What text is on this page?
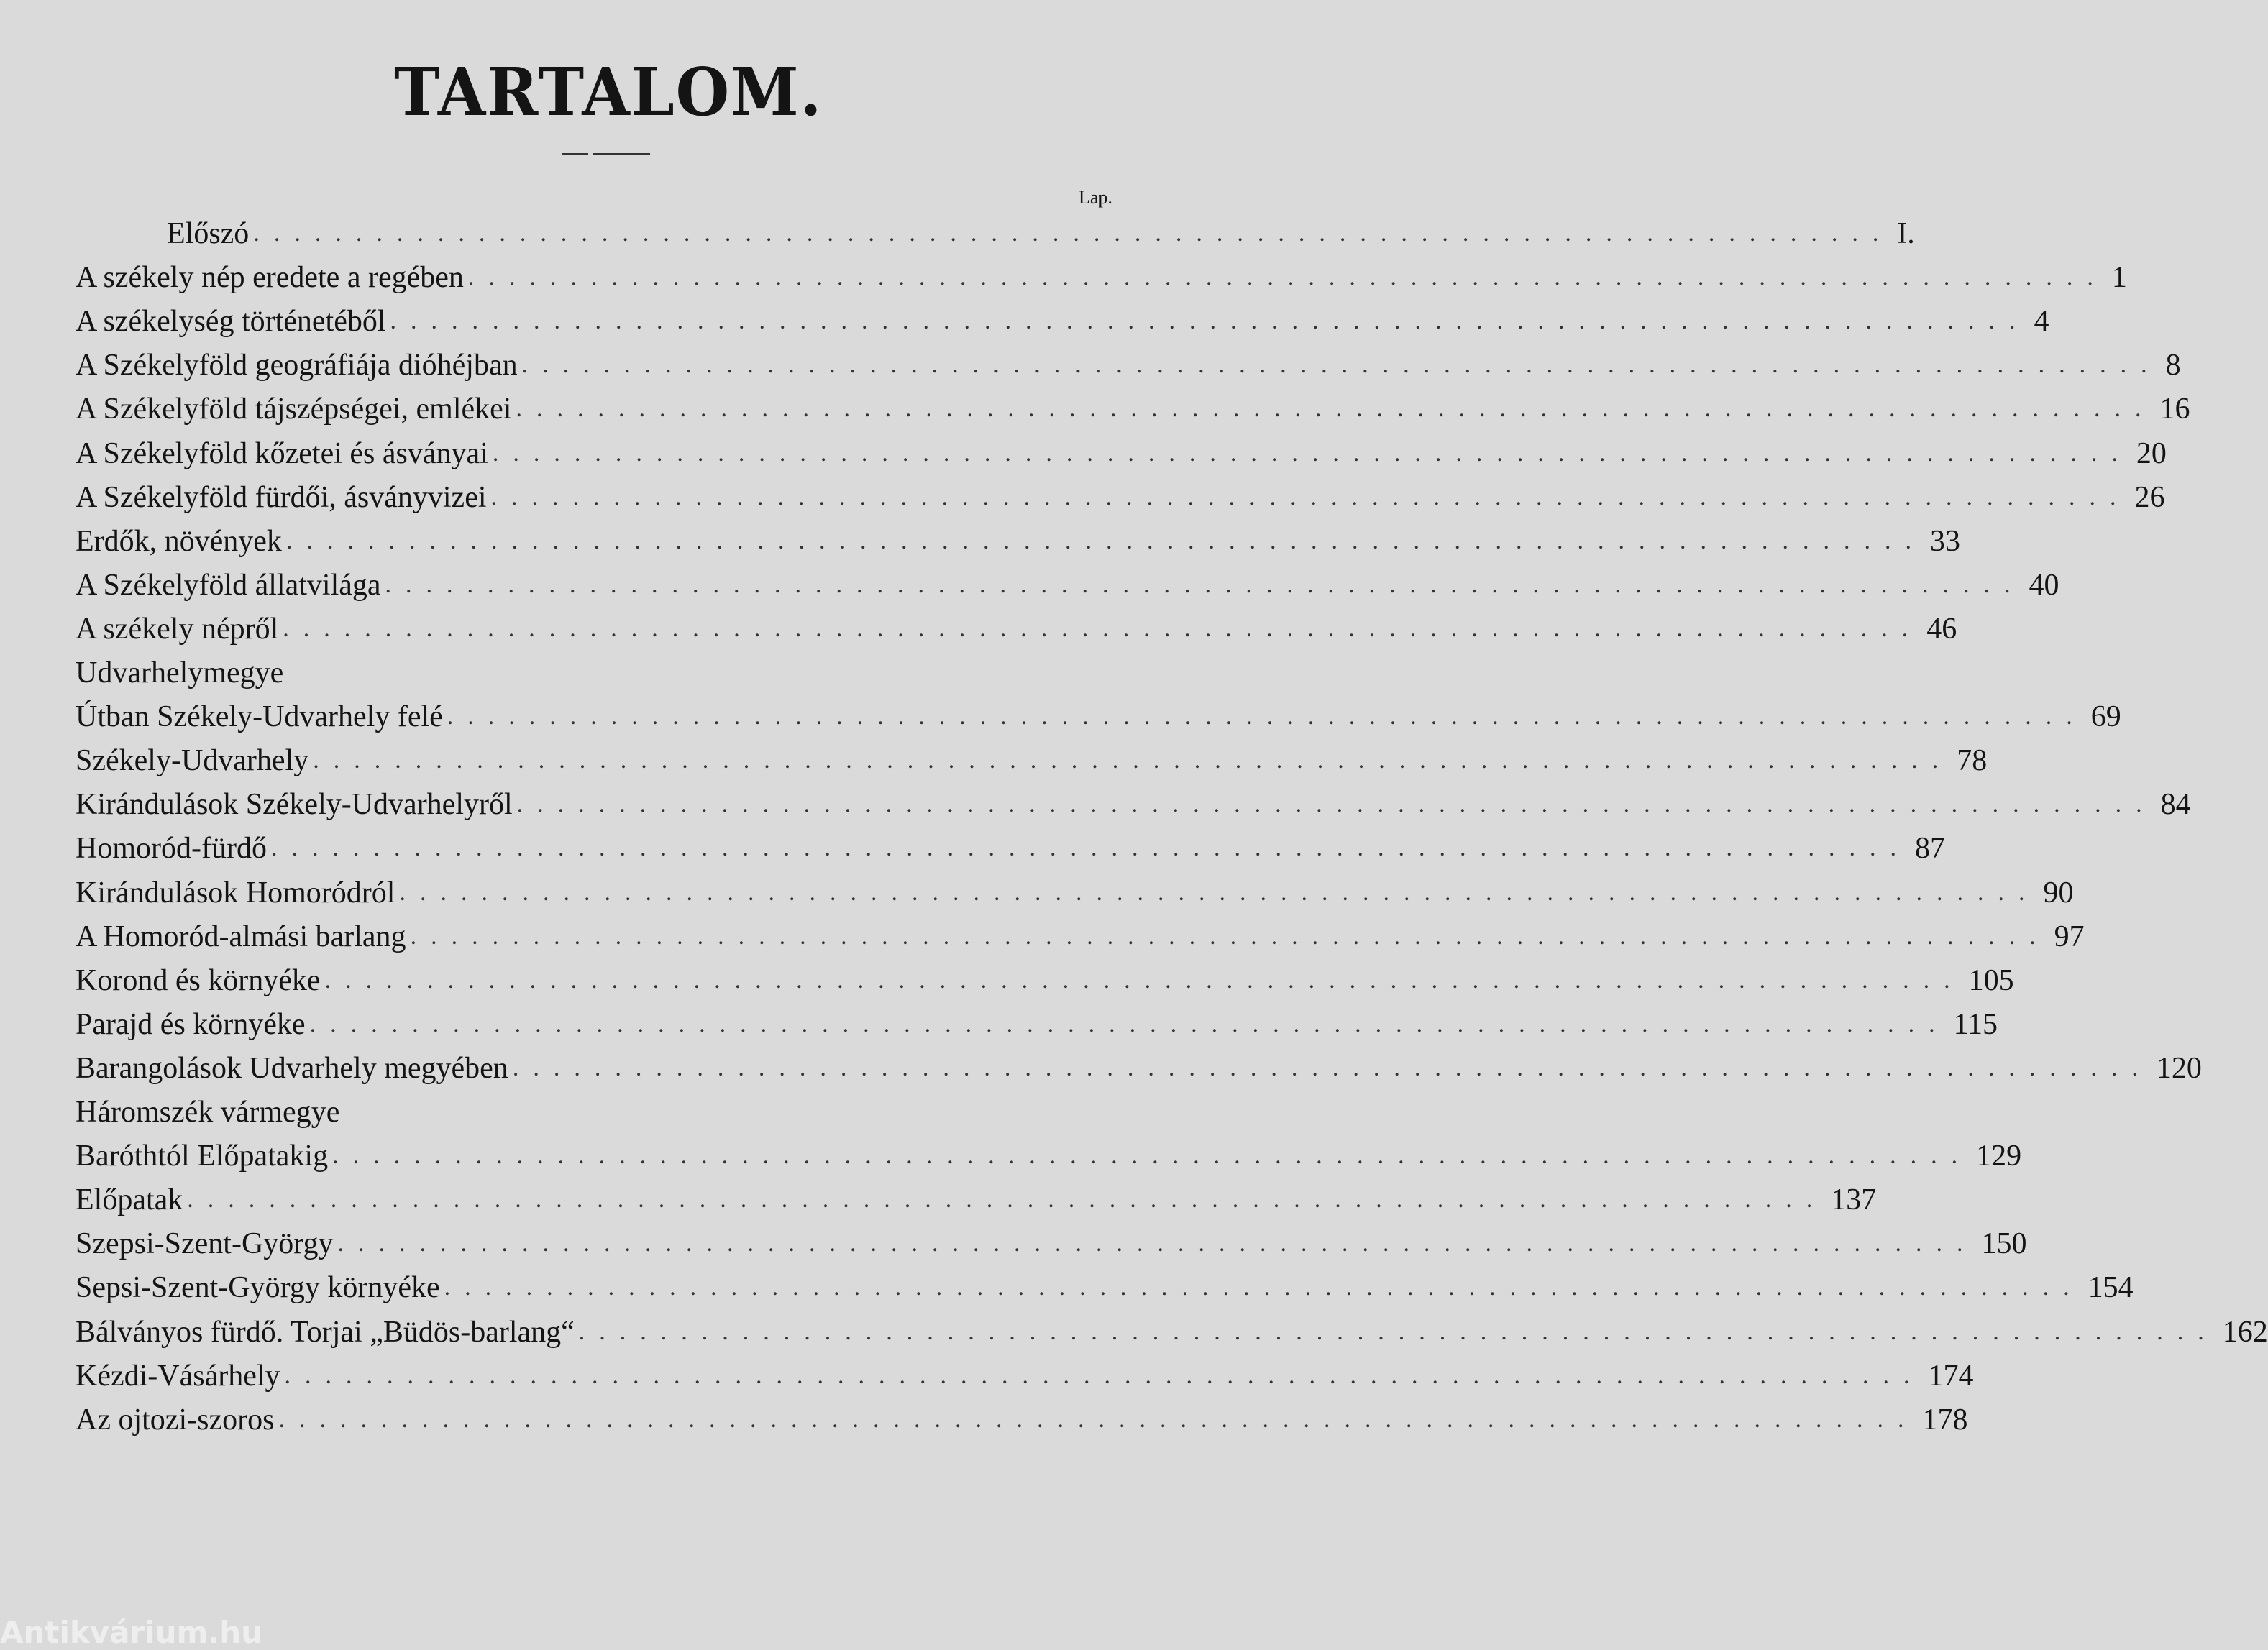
TARTALOM.
Lap.
Előszó ................................................................................ I.
A székely nép eredete a regében ................................................................................ 1
A székelység történetéből ................................................................................ 4
A Székelyföld geográfiája dióhéjban ................................................................................ 8
A Székelyföld tájszépségei, emlékei ................................................................................ 16
A Székelyföld kőzetei és ásványai ................................................................................ 20
A Székelyföld fürdői, ásványvizei ................................................................................ 26
Erdők, növények ................................................................................ 33
A Székelyföld állatvilága ................................................................................ 40
A székely népről ................................................................................ 46
Udvarhelymegye
Útban Székely-Udvarhely felé ................................................................................ 69
Székely-Udvarhely ................................................................................ 78
Kirándulások Székely-Udvarhelyről ................................................................................ 84
Homoród-fürdő ................................................................................ 87
Kirándulások Homoródról ................................................................................ 90
A Homoród-almási barlang ................................................................................ 97
Korond és környéke ................................................................................ 105
Parajd és környéke ................................................................................ 115
Barangolások Udvarhely megyében ................................................................................ 120
Háromszék vármegye
Baróthtól Előpatakig ................................................................................ 129
Előpatak ................................................................................ 137
Szepsi-Szent-György ................................................................................ 150
Sepsi-Szent-György környéke ................................................................................ 154
Bálványos fürdő. Torjai „Büdös-barlang“ ................................................................................ 162
Kézdi-Vásárhely ................................................................................ 174
Az ojtozi-szoros ................................................................................ 178
Antikvárium.hu
